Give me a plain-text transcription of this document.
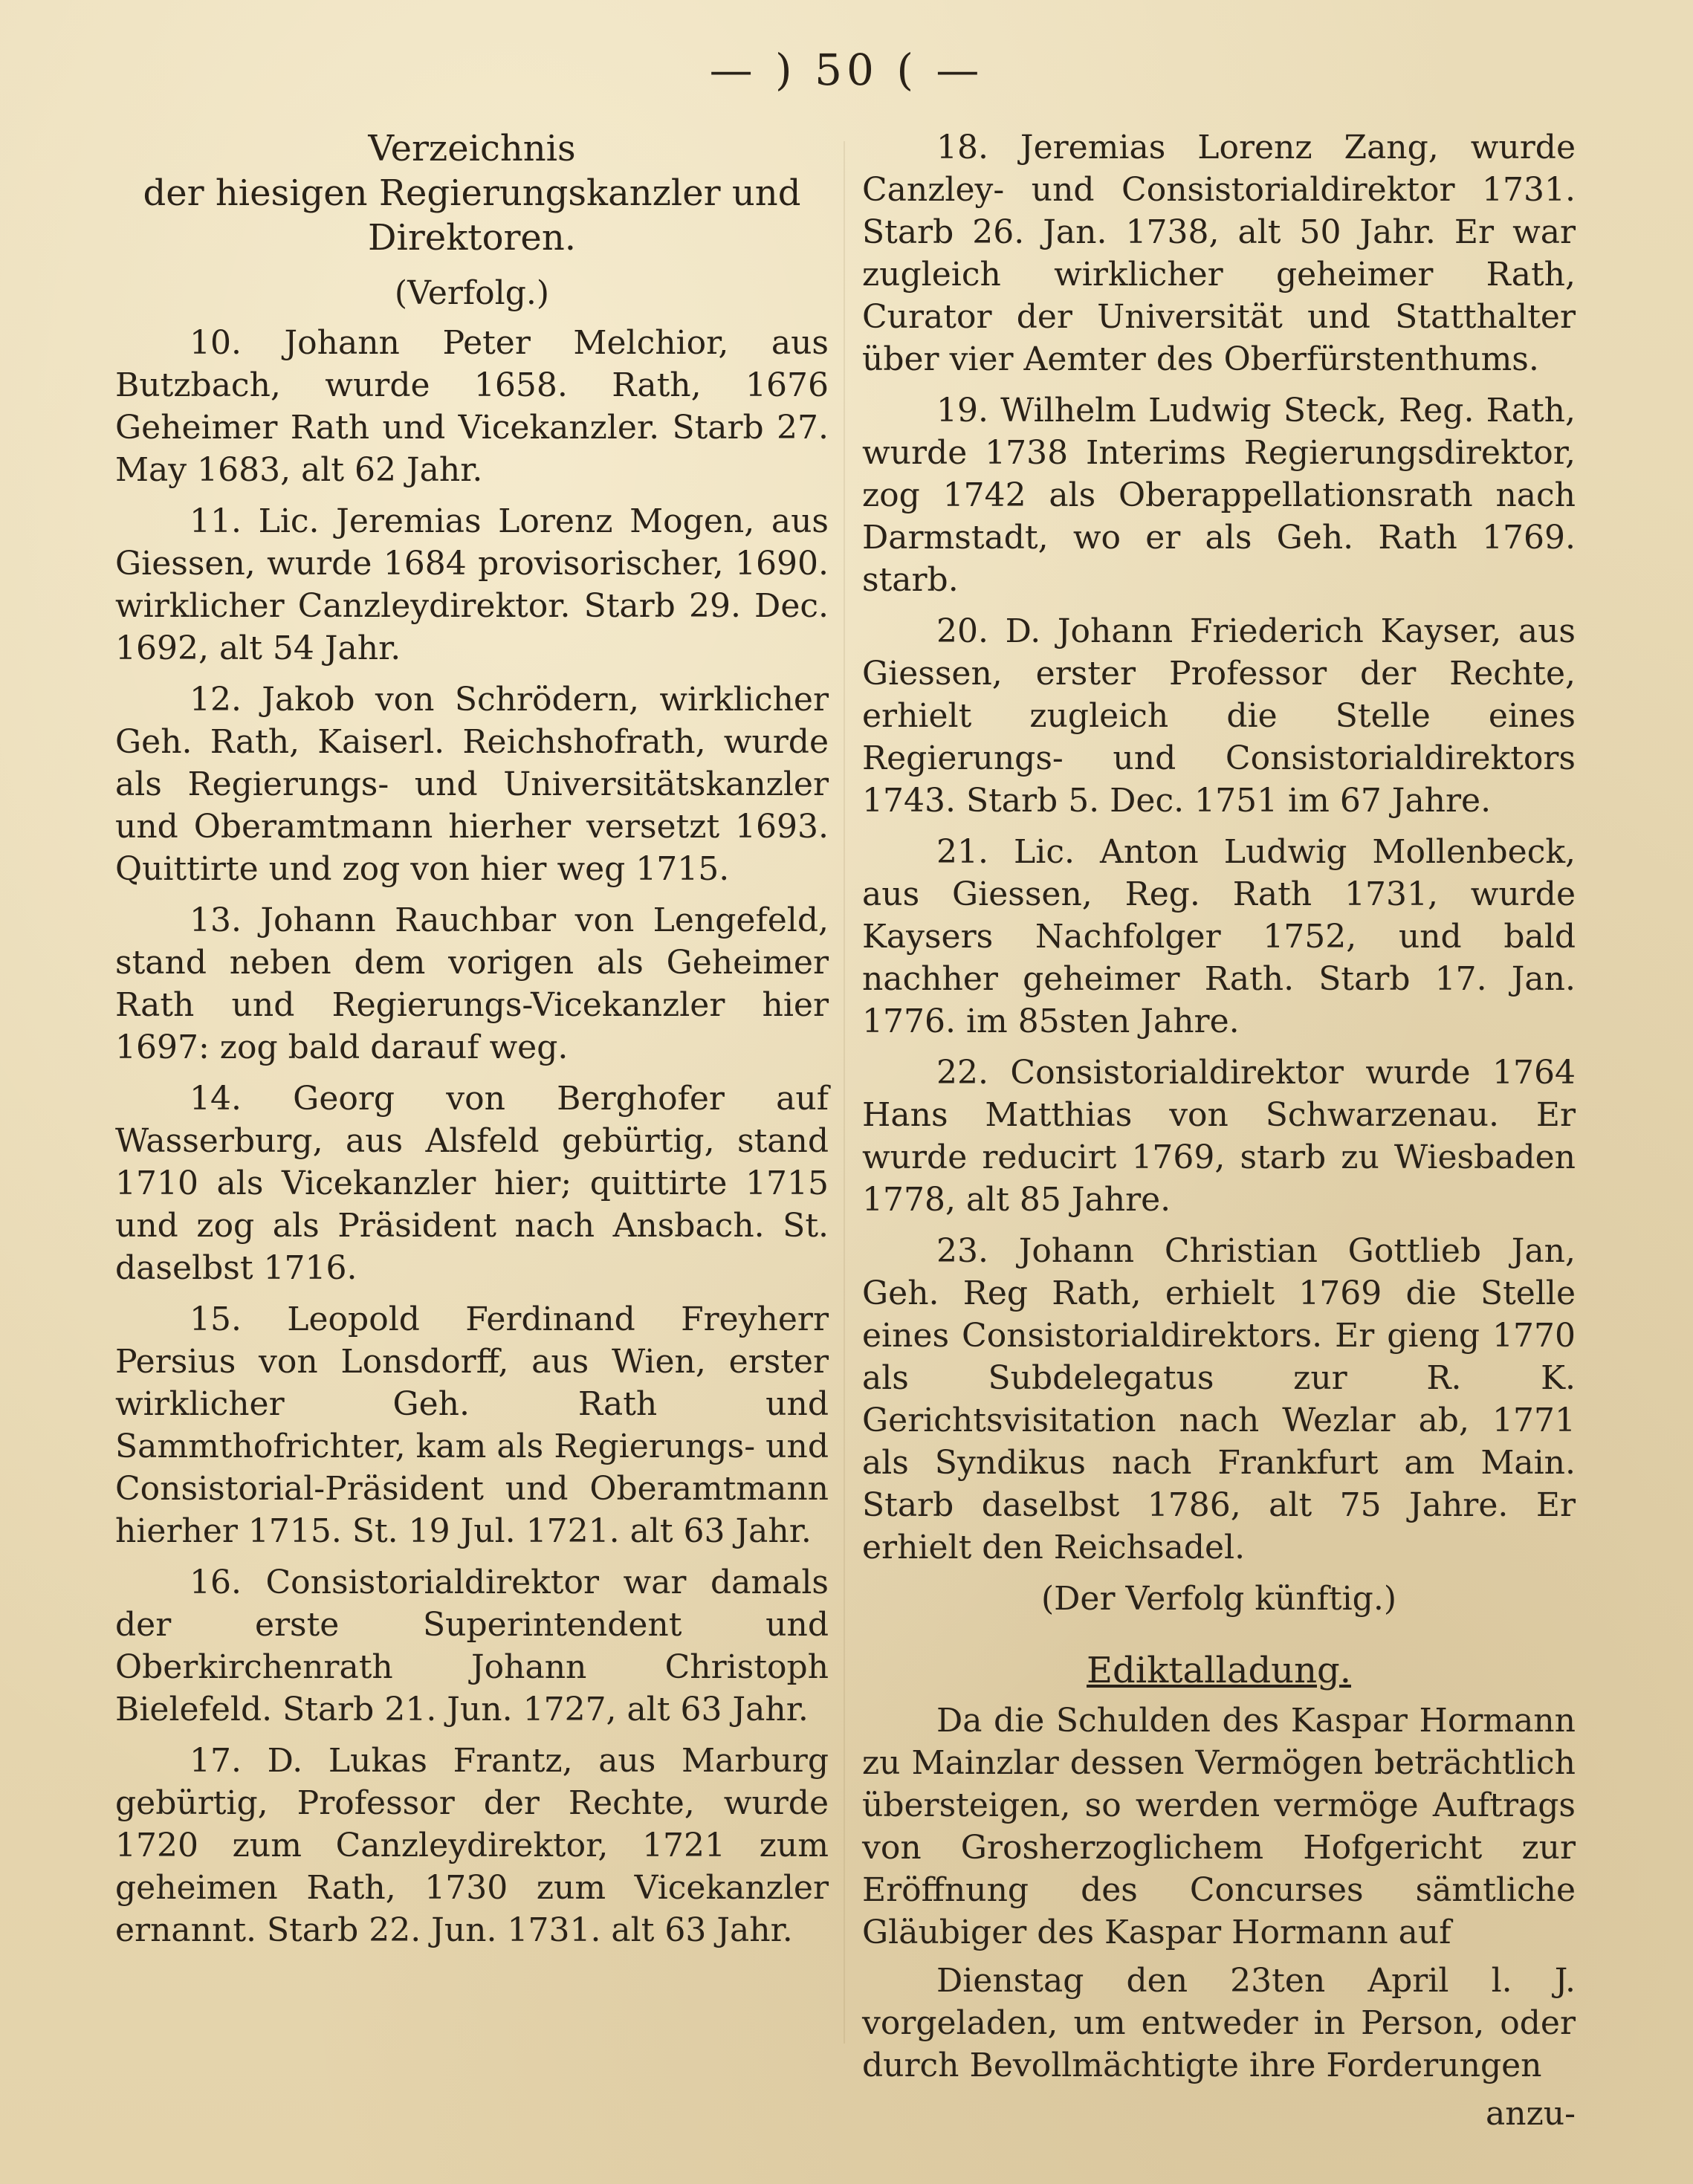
— ) 50 ( —

Verzeichnis

der hiesigen Regierungskanzler und Direktoren.

(Verfolg.)

10. Johann Peter Melchior, aus Butzbach, wurde 1658. Rath, 1676 Geheimer Rath und Vicekanzler. Starb 27. May 1683, alt 62 Jahr.

11. Lic. Jeremias Lorenz Mogen, aus Giessen, wurde 1684 provisorischer, 1690. wirklicher Canzleydirektor. Starb 29. Dec. 1692, alt 54 Jahr.

12. Jakob von Schrödern, wirklicher Geh. Rath, Kaiserl. Reichshofrath, wurde als Regierungs- und Universitätskanzler und Oberamtmann hierher versetzt 1693. Quittirte und zog von hier weg 1715.

13. Johann Rauchbar von Lengefeld, stand neben dem vorigen als Geheimer Rath und Regierungs-Vicekanzler hier 1697: zog bald darauf weg.

14. Georg von Berghofer auf Wasserburg, aus Alsfeld gebürtig, stand 1710 als Vicekanzler hier; quittirte 1715 und zog als Präsident nach Ansbach. St. daselbst 1716.

15. Leopold Ferdinand Freyherr Persius von Lonsdorff, aus Wien, erster wirklicher Geh. Rath und Sammthofrichter, kam als Regierungs- und Consistorial-Präsident und Oberamtmann hierher 1715. St. 19 Jul. 1721. alt 63 Jahr.

16. Consistorialdirektor war damals der erste Superintendent und Oberkirchenrath Johann Christoph Bielefeld. Starb 21. Jun. 1727, alt 63 Jahr.

17. D. Lukas Frantz, aus Marburg gebürtig, Professor der Rechte, wurde 1720 zum Canzleydirektor, 1721 zum geheimen Rath, 1730 zum Vicekanzler ernannt. Starb 22. Jun. 1731. alt 63 Jahr.

18. Jeremias Lorenz Zang, wurde Canzley- und Consistorialdirektor 1731. Starb 26. Jan. 1738, alt 50 Jahr. Er war zugleich wirklicher geheimer Rath, Curator der Universität und Statthalter über vier Aemter des Oberfürstenthums.

19. Wilhelm Ludwig Steck, Reg. Rath, wurde 1738 Interims Regierungsdirektor, zog 1742 als Oberappellationsrath nach Darmstadt, wo er als Geh. Rath 1769. starb.

20. D. Johann Friederich Kayser, aus Giessen, erster Professor der Rechte, erhielt zugleich die Stelle eines Regierungs- und Consistorialdirektors 1743. Starb 5. Dec. 1751 im 67 Jahre.

21. Lic. Anton Ludwig Mollenbeck, aus Giessen, Reg. Rath 1731, wurde Kaysers Nachfolger 1752, und bald nachher geheimer Rath. Starb 17. Jan. 1776. im 85sten Jahre.

22. Consistorialdirektor wurde 1764 Hans Matthias von Schwarzenau. Er wurde reducirt 1769, starb zu Wiesbaden 1778, alt 85 Jahre.

23. Johann Christian Gottlieb Jan, Geh. Reg Rath, erhielt 1769 die Stelle eines Consistorialdirektors. Er gieng 1770 als Subdelegatus zur R. K. Gerichtsvisitation nach Wezlar ab, 1771 als Syndikus nach Frankfurt am Main. Starb daselbst 1786, alt 75 Jahre. Er erhielt den Reichsadel.

(Der Verfolg künftig.)

Ediktalladung.

Da die Schulden des Kaspar Hormann zu Mainzlar dessen Vermögen beträchtlich übersteigen, so werden vermöge Auftrags von Grosherzoglichem Hofgericht zur Eröffnung des Concurses sämtliche Gläubiger des Kaspar Hormann auf

Dienstag den 23ten April l. J. vorgeladen, um entweder in Person, oder durch Bevollmächtigte ihre Forderungen

anzu-
